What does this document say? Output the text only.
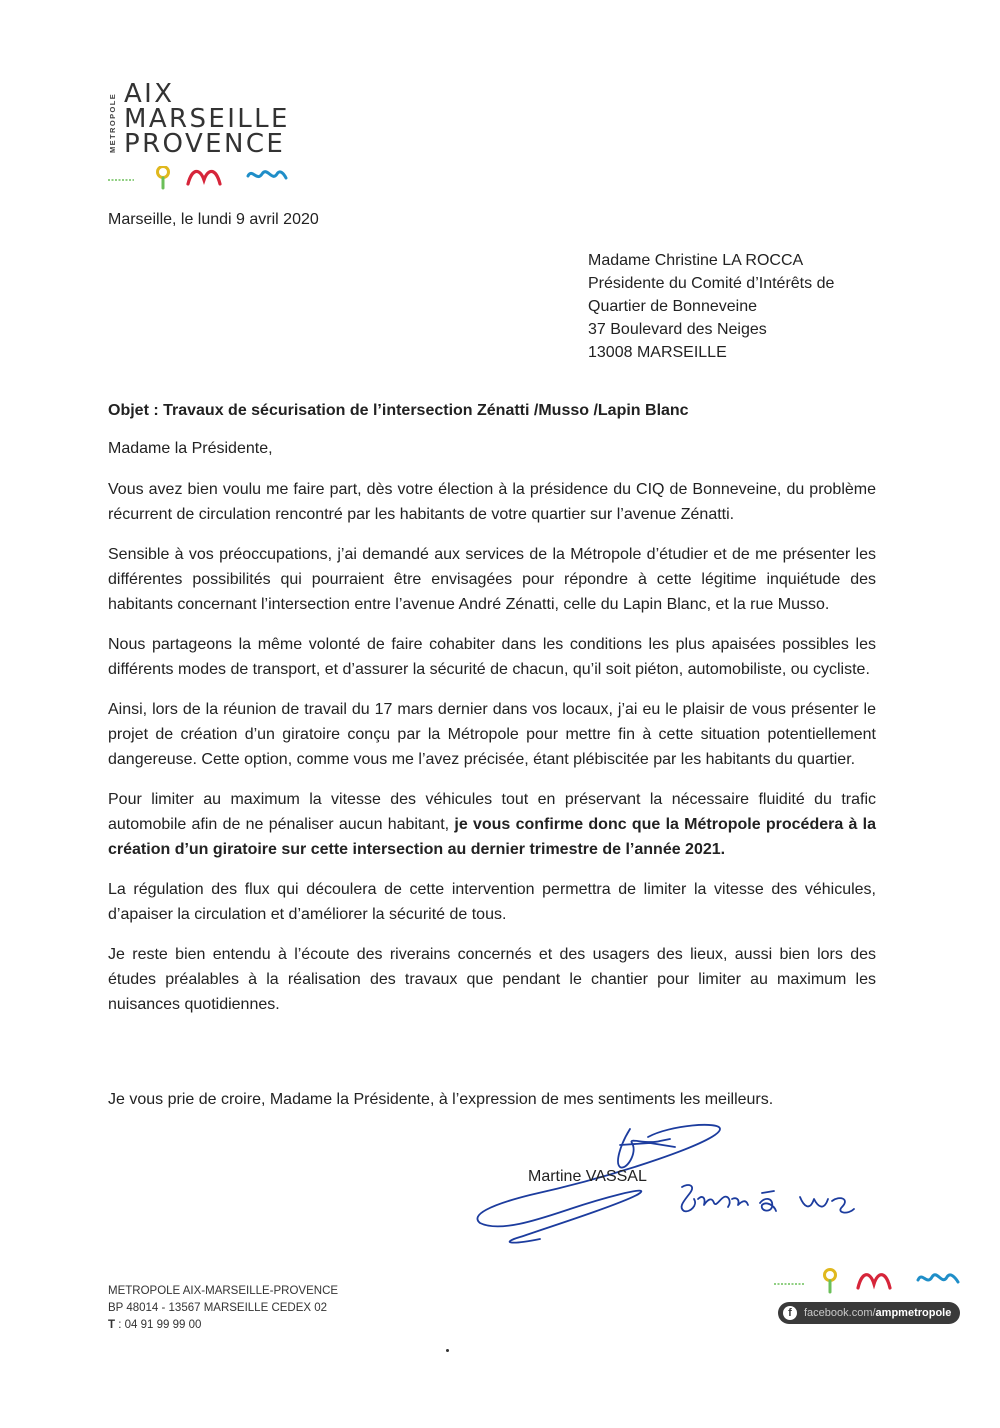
METROPOLE AIX
MARSEILLE
PROVENCE
Marseille, le lundi 9 avril 2020
Madame Christine LA ROCCA
Présidente du Comité d’Intérêts de
Quartier de Bonneveine
37 Boulevard des Neiges
13008 MARSEILLE
Objet : Travaux de sécurisation de l’intersection Zénatti /Musso /Lapin Blanc
Madame la Présidente,

Vous avez bien voulu me faire part, dès votre élection à la présidence du CIQ de Bonneveine, du problème récurrent de circulation rencontré par les habitants de votre quartier sur l’avenue Zénatti.

Sensible à vos préoccupations, j’ai demandé aux services de la Métropole d’étudier et de me présenter les différentes possibilités qui pourraient être envisagées pour répondre à cette légitime inquiétude des habitants concernant l’intersection entre l’avenue André Zénatti, celle du Lapin Blanc, et la rue Musso.

Nous partageons la même volonté de faire cohabiter dans les conditions les plus apaisées possibles les différents modes de transport, et d’assurer la sécurité de chacun, qu’il soit piéton, automobiliste, ou cycliste.

Ainsi, lors de la réunion de travail du 17 mars dernier dans vos locaux, j’ai eu le plaisir de vous présenter le projet de création d’un giratoire conçu par la Métropole pour mettre fin à cette situation potentiellement dangereuse. Cette option, comme vous me l’avez précisée, étant plébiscitée par les habitants du quartier.

Pour limiter au maximum la vitesse des véhicules tout en préservant la nécessaire fluidité du trafic automobile afin de ne pénaliser aucun habitant, je vous confirme donc que la Métropole procédera à la création d’un giratoire sur cette intersection au dernier trimestre de l’année 2021.

La régulation des flux qui découlera de cette intervention permettra de limiter la vitesse des véhicules, d’apaiser la circulation et d’améliorer la sécurité de tous.

Je reste bien entendu à l’écoute des riverains concernés et des usagers des lieux, aussi bien lors des études préalables à la réalisation des travaux que pendant le chantier pour limiter au maximum les nuisances quotidiennes.

Je vous prie de croire, Madame la Présidente, à l’expression de mes sentiments les meilleurs.
Martine VASSAL
METROPOLE AIX-MARSEILLE-PROVENCE
BP 48014 - 13567 MARSEILLE CEDEX 02
T : 04 91 99 99 00
f	facebook.com/ampmetropole
